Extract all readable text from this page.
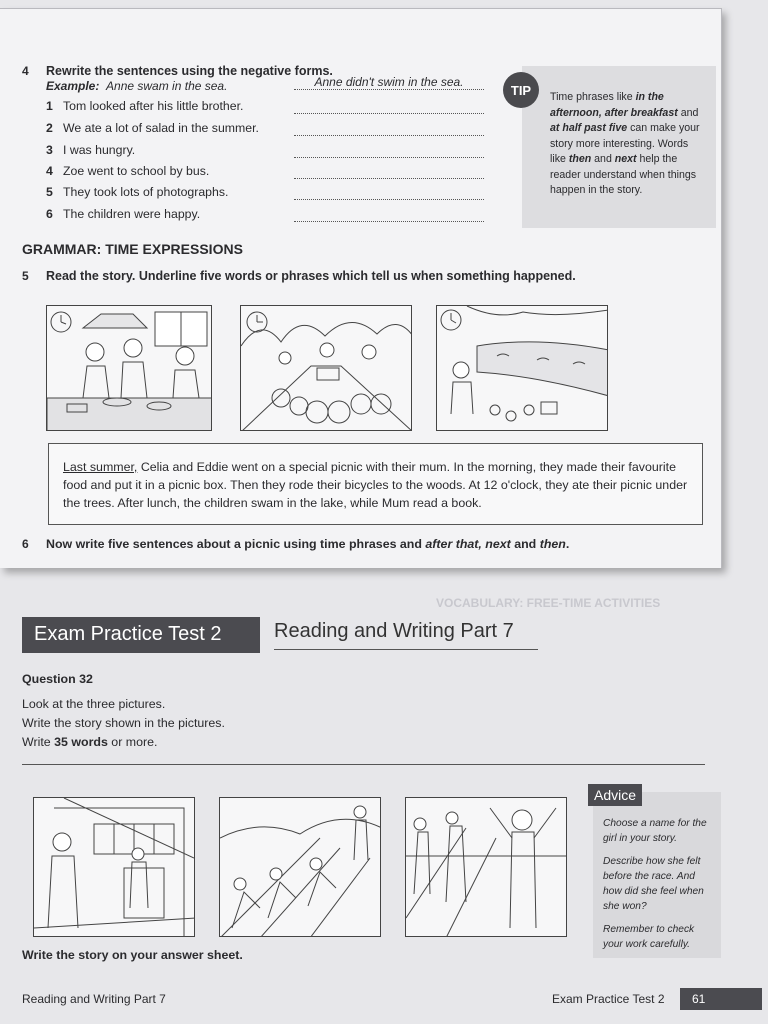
VOCABULARY: FREE-TIME ACTIVITIES
4 Rewrite the sentences using the negative forms.
Example: Anne swam in the sea.	Anne didn't swim in the sea.
1 Tom looked after his little brother.
2 We ate a lot of salad in the summer.
3 I was hungry.
4 Zoe went to school by bus.
5 They took lots of photographs.
6 The children were happy.
Time phrases like in the afternoon, after breakfast and at half past five can make your story more interesting. Words like then and next help the reader understand when things happen in the story.
TIP
GRAMMAR: TIME EXPRESSIONS
5 Read the story. Underline five words or phrases which tell us when something happened.
Last summer, Celia and Eddie went on a special picnic with their mum. In the morning, they made their favourite food and put it in a picnic box. Then they rode their bicycles to the woods. At 12 o'clock, they ate their picnic under the trees. After lunch, the children swam in the lake, while Mum read a book.
6 Now write five sentences about a picnic using time phrases and after that, next and then.
Exam Practice Test 2	Reading and Writing Part 7
Question 32
Look at the three pictures.
Write the story shown in the pictures.
Write 35 words or more.

Choose a name for the girl in your story.

Describe how she felt before the race. And how did she feel when she won?

Remember to check your work carefully.

Advice
Write the story on your answer sheet.
Reading and Writing Part 7	Exam Practice Test 2	61
